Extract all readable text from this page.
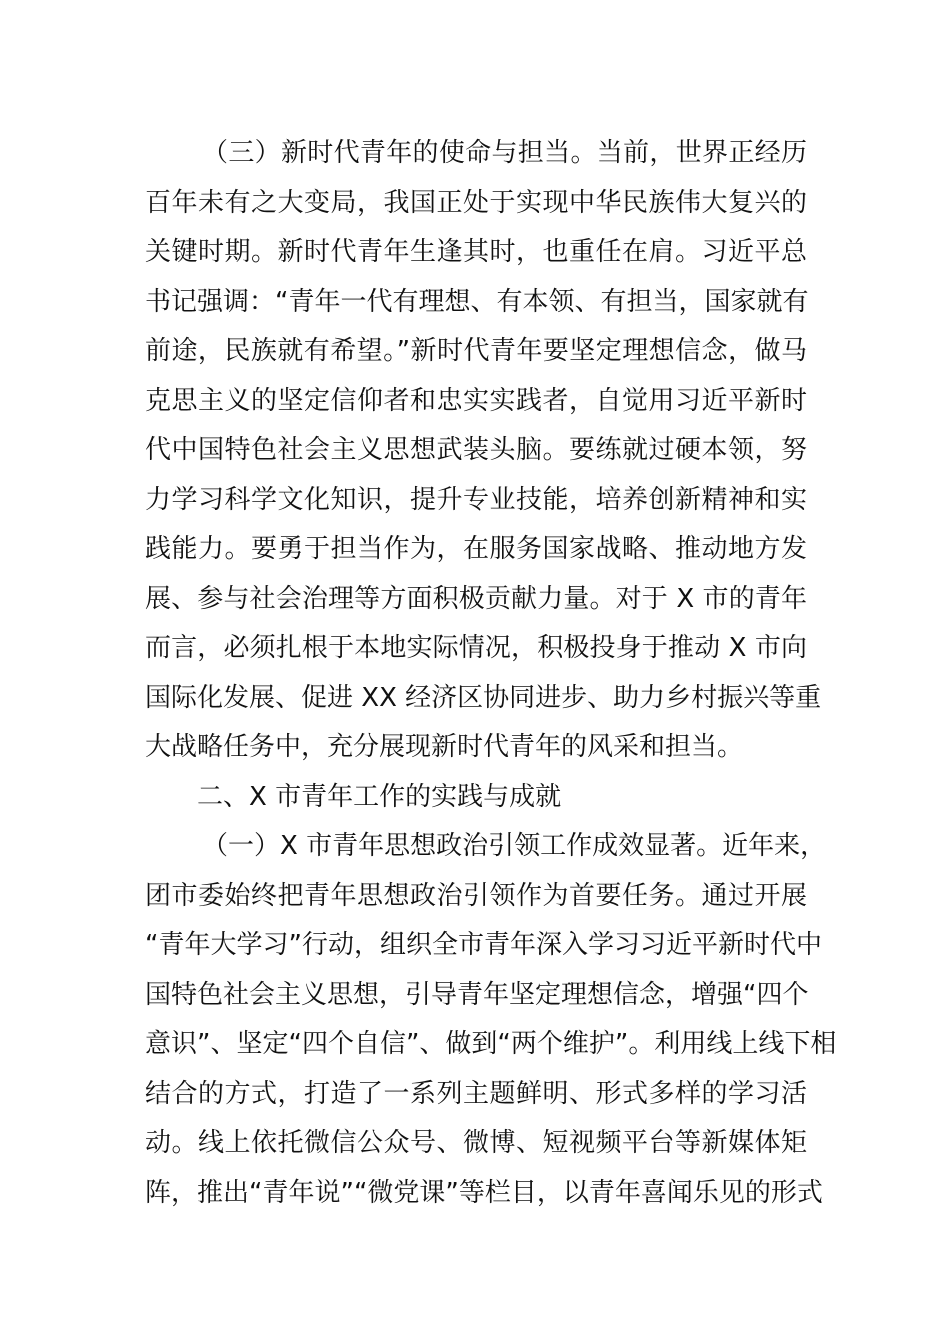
（三）新时代青年的使命与担当。当前，世界正经历
百年未有之大变局，我国正处于实现中华民族伟大复兴的
关键时期。新时代青年生逢其时，也重任在肩。习近平总
书记强调：“青年一代有理想、有本领、有担当，国家就有
前途，民族就有希望。”新时代青年要坚定理想信念，做马
克思主义的坚定信仰者和忠实实践者，自觉用习近平新时
代中国特色社会主义思想武装头脑。要练就过硬本领，努
力学习科学文化知识，提升专业技能，培养创新精神和实
践能力。要勇于担当作为，在服务国家战略、推动地方发
展、参与社会治理等方面积极贡献力量。对于 X 市的青年
而言，必须扎根于本地实际情况，积极投身于推动 X 市向
国际化发展、促进 XX 经济区协同进步、助力乡村振兴等重
大战略任务中，充分展现新时代青年的风采和担当。
二、X 市青年工作的实践与成就
（一）X 市青年思想政治引领工作成效显著。近年来，
团市委始终把青年思想政治引领作为首要任务。通过开展
“青年大学习”行动，组织全市青年深入学习习近平新时代中
国特色社会主义思想，引导青年坚定理想信念，增强“四个
意识”、坚定“四个自信”、做到“两个维护”。利用线上线下相
结合的方式，打造了一系列主题鲜明、形式多样的学习活
动。线上依托微信公众号、微博、短视频平台等新媒体矩
阵，推出“青年说”“微党课”等栏目，以青年喜闻乐见的形式
